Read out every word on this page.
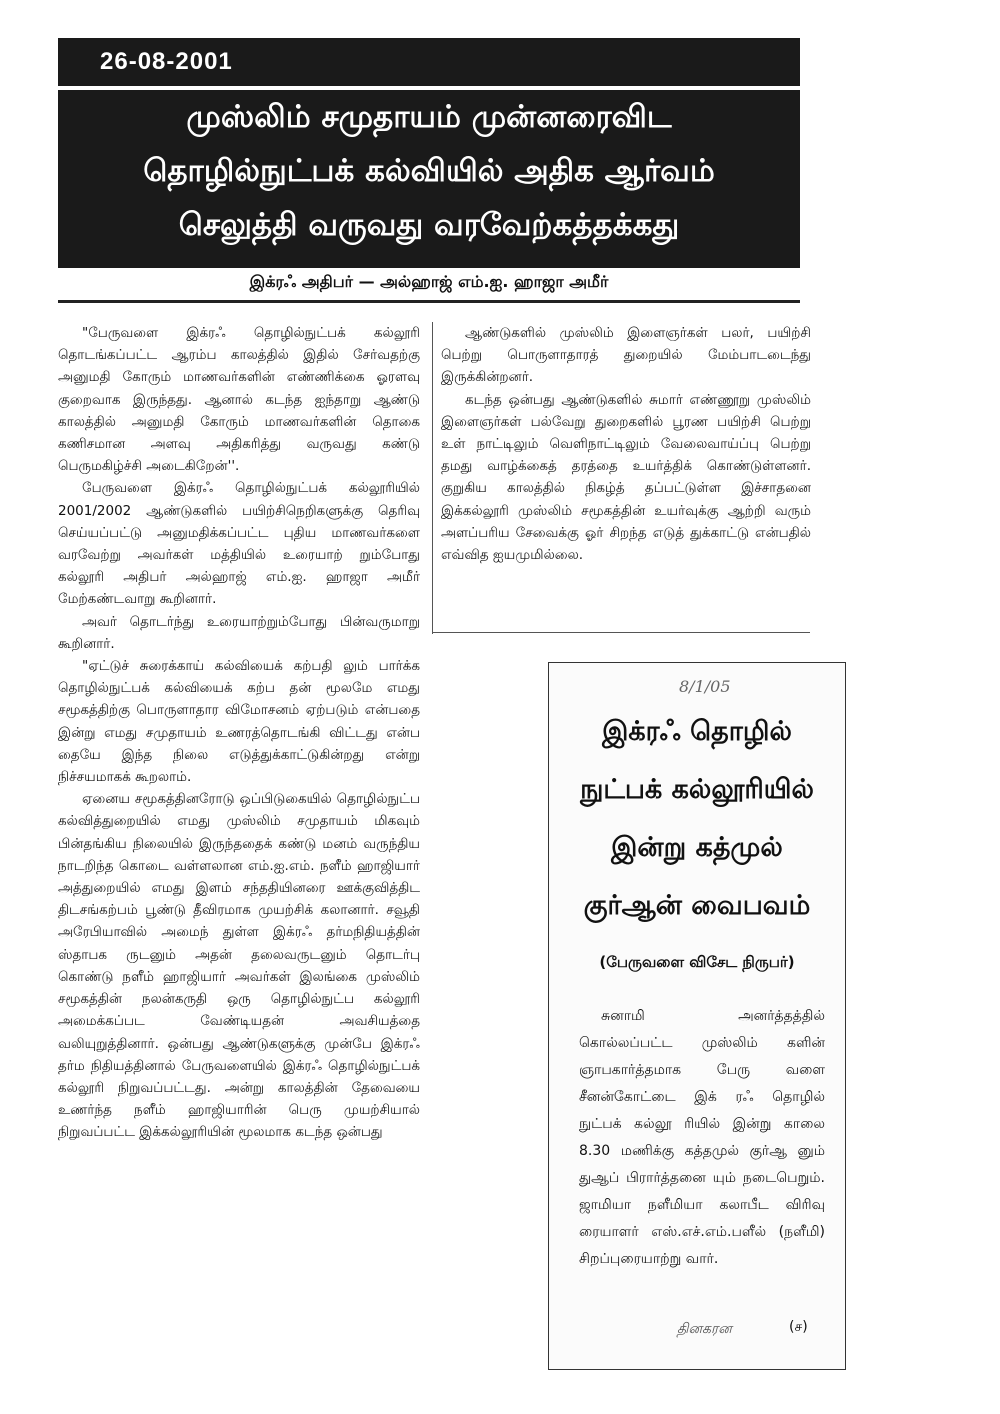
26-08-2001
முஸ்லிம் சமுதாயம் முன்னரைவிட
தொழில்நுட்பக் கல்வியில் அதிக ஆர்வம்
செலுத்தி வருவது வரவேற்கத்தக்கது
இக்ரஃ அதிபர் — அல்ஹாஜ் எம்.ஐ. ஹாஜா அமீர்

"பேருவளை இக்ரஃ தொழில்நுட்பக் கல்லூரி தொடங்கப்பட்ட ஆரம்ப காலத்தில் இதில் சேர்வதற்கு அனுமதி கோரும் மாணவர்களின் எண்ணிக்கை ஓரளவு குறைவாக இருந்தது. ஆனால் கடந்த ஐந்தாறு ஆண்டு காலத்தில் அனுமதி கோரும் மாணவர்களின் தொகை கணிசமான அளவு அதிகரித்து வருவது கண்டு பெருமகிழ்ச்சி அடைகிறேன்''.

பேருவளை இக்ரஃ தொழில்நுட்பக் கல்லூரியில் 2001/2002 ஆண்டுகளில் பயிற்சிநெறிகளுக்கு தெரிவு செய்யப்பட்டு அனுமதிக்கப்பட்ட புதிய மாணவர்களை வரவேற்று அவர்கள் மத்தியில் உரையாற் றும்போது கல்லூரி அதிபர் அல்ஹாஜ் எம்.ஐ. ஹாஜா அமீர் மேற்கண்டவாறு கூறினார்.

அவர் தொடர்ந்து உரையாற்றும்போது பின்வருமாறு கூறினார்.

"ஏட்டுச் சுரைக்காய் கல்வியைக் கற்பதி லும் பார்க்க தொழில்நுட்பக் கல்வியைக் கற்ப தன் மூலமே எமது சமூகத்திற்கு பொருளாதார விமோசனம் ஏற்படும் என்பதை இன்று எமது சமுதாயம் உணரத்தொடங்கி விட்டது என்ப தையே இந்த நிலை எடுத்துக்காட்டுகின்றது என்று நிச்சயமாகக் கூறலாம்.

ஏனைய சமூகத்தினரோடு ஒப்பிடுகையில் தொழில்நுட்ப கல்வித்துறையில் எமது முஸ்லிம் சமுதாயம் மிகவும் பின்தங்கிய நிலையில் இருந்ததைக் கண்டு மனம் வருந்திய நாடறிந்த கொடை வள்ளலான எம்.ஐ.எம். நளீம் ஹாஜியார் அத்துறையில் எமது இளம் சந்ததியினரை ஊக்குவித்திட திடசங்கற்பம் பூண்டு தீவிரமாக முயற்சிக் கலானார். சவூதி அரேபியாவில் அமைந் துள்ள இக்ரஃ தர்மநிதியத்தின் ஸ்தாபக ருடனும் அதன் தலைவருடனும் தொடர்பு கொண்டு நளீம் ஹாஜியார் அவர்கள் இலங்கை முஸ்லிம் சமூகத்தின் நலன்கருதி ஒரு தொழில்நுட்ப கல்லூரி அமைக்கப்பட வேண்டியதன் அவசியத்தை வலியுறுத்தினார். ஒன்பது ஆண்டுகளுக்கு முன்பே இக்ரஃ தர்ம நிதியத்தினால் பேருவளையில் இக்ரஃ தொழில்நுட்பக் கல்லூரி நிறுவப்பட்டது. அன்று காலத்தின் தேவையை உணர்ந்த நளீம் ஹாஜியாரின் பெரு முயற்சியால் நிறுவப்பட்ட இக்கல்லூரியின் மூலமாக கடந்த ஒன்பது

ஆண்டுகளில் முஸ்லிம் இளைஞர்கள் பலர், பயிற்சி பெற்று பொருளாதாரத் துறையில் மேம்பாடடைந்து இருக்கின்றனர்.

கடந்த ஒன்பது ஆண்டுகளில் சுமார் எண்ணூறு முஸ்லிம் இளைஞர்கள் பல்வேறு துறைகளில் பூரண பயிற்சி பெற்று உள் நாட்டிலும் வெளிநாட்டிலும் வேலைவாய்ப்பு பெற்று தமது வாழ்க்கைத் தரத்தை உயர்த்திக் கொண்டுள்ளனர். குறுகிய காலத்தில் நிகழ்த் தப்பட்டுள்ள இச்சாதனை இக்கல்லூரி முஸ்லிம் சமூகத்தின் உயர்வுக்கு ஆற்றி வரும் அளப்பரிய சேவைக்கு ஓர் சிறந்த எடுத் துக்காட்டு என்பதில் எவ்வித ஐயமுமில்லை.

8/1/05
இக்ரஃ தொழில்
நுட்பக் கல்லூரியில்
இன்று கத்முல்
குர்ஆன் வைபவம்
(பேருவளை விசேட நிருபர்)

சுனாமி அனர்த்தத்தில் கொல்லப்பட்ட முஸ்லிம் களின் ஞாபகார்த்தமாக பேரு வளை சீனன்கோட்டை இக் ரஃ தொழில் நுட்பக் கல்லூ ரியில் இன்று காலை 8.30 மணிக்கு கத்தமுல் குர்ஆ னும் துஆப் பிரார்த்தனை யும் நடைபெறும். ஜாமியா நளீமியா கலாபீட விரிவு ரையாளர் எஸ்.எச்.எம்.பளீல் (நளீமி) சிறப்புரையாற்று வார்.

தினகரன	(ச)
